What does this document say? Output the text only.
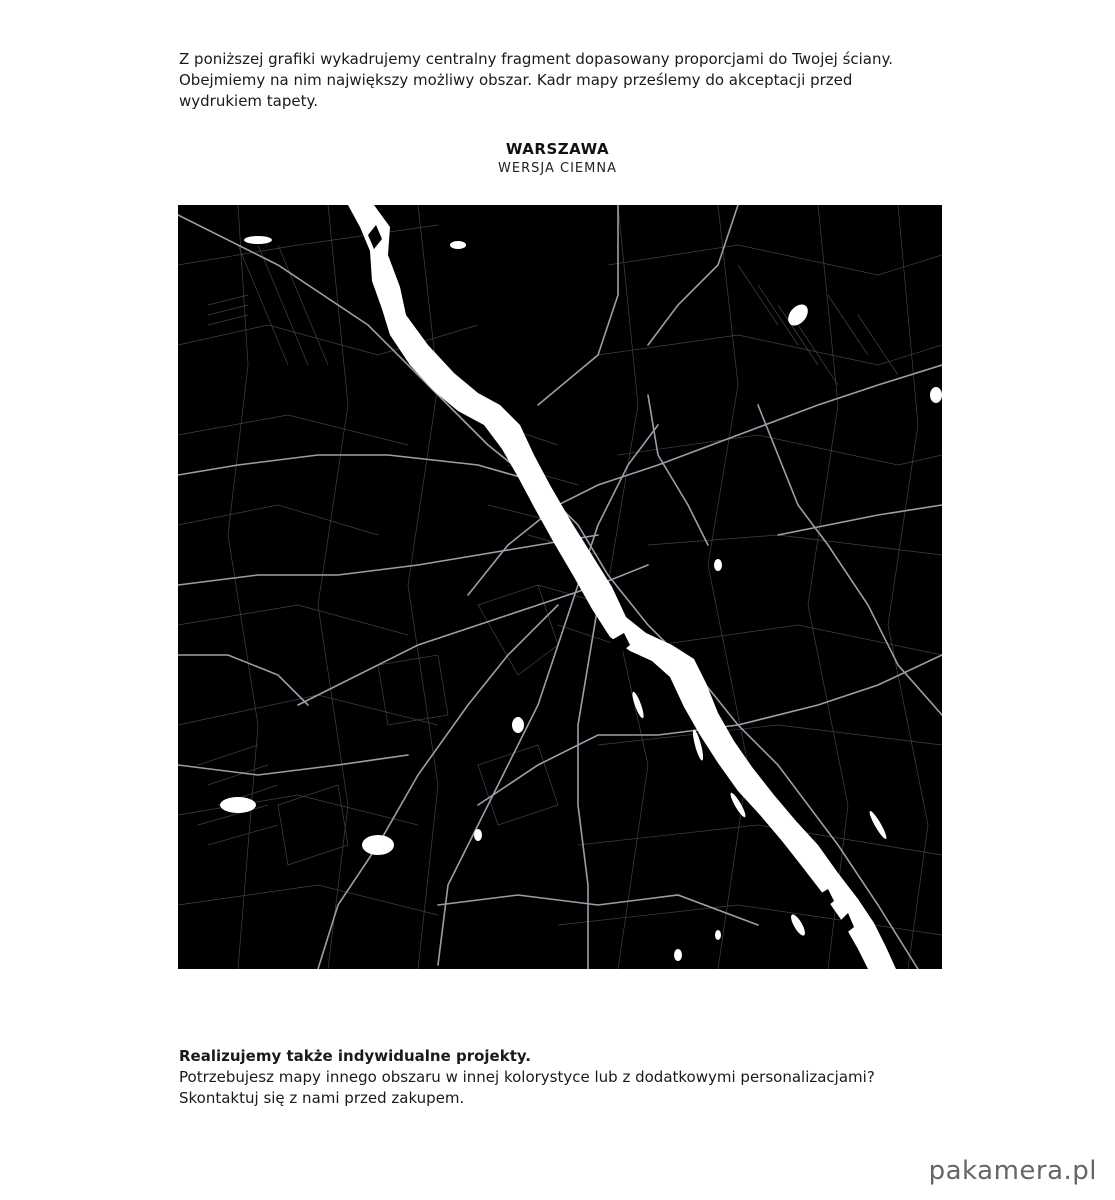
Z poniższej grafiki wykadrujemy centralny fragment dopasowany proporcjami do Twojej ściany. Obejmiemy na nim największy możliwy obszar. Kadr mapy prześlemy do akceptacji przed wydrukiem tapety.

WARSZAWA
WERSJA CIEMNA

Realizujemy także indywidualne projekty.

Potrzebujesz mapy innego obszaru w innej kolorystyce lub z dodatkowymi personalizacjami?

Skontaktuj się z nami przed zakupem.

pakamera.pl
